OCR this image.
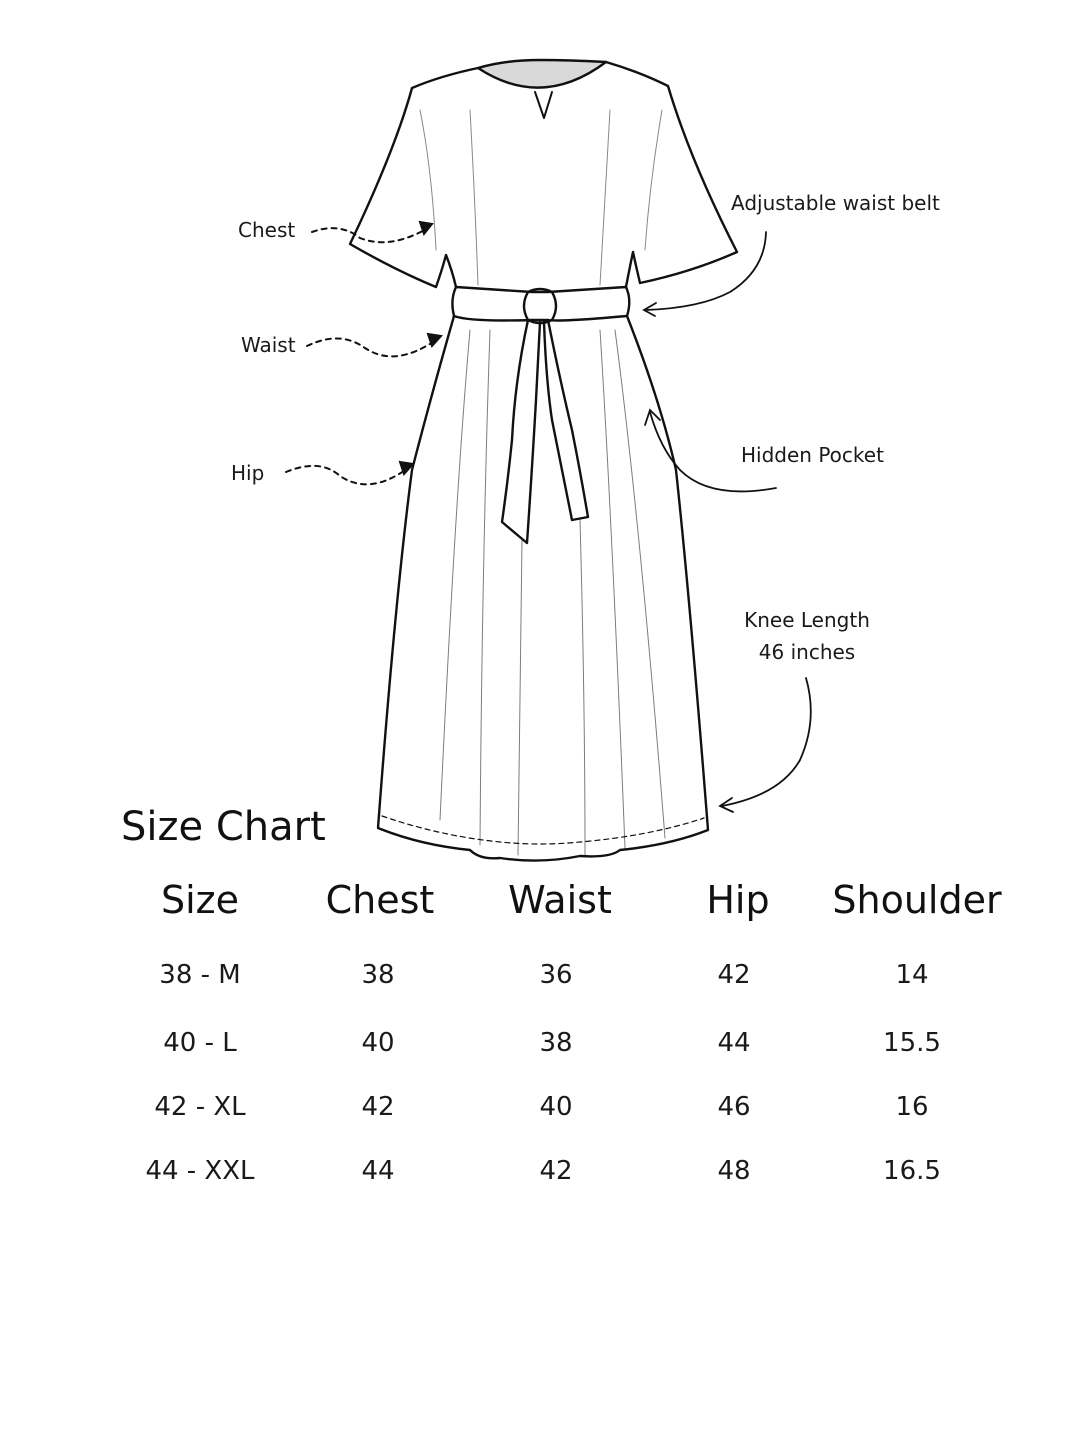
Chest
Waist
Hip
Adjustable waist belt
Hidden Pocket
Knee Length
46 inches
Size Chart
Size	Chest	Waist	Hip	Shoulder
38 - M	38	36	42	14
40 - L	40	38	44	15.5
42 - XL	42	40	46	16
44 - XXL	44	42	48	16.5
